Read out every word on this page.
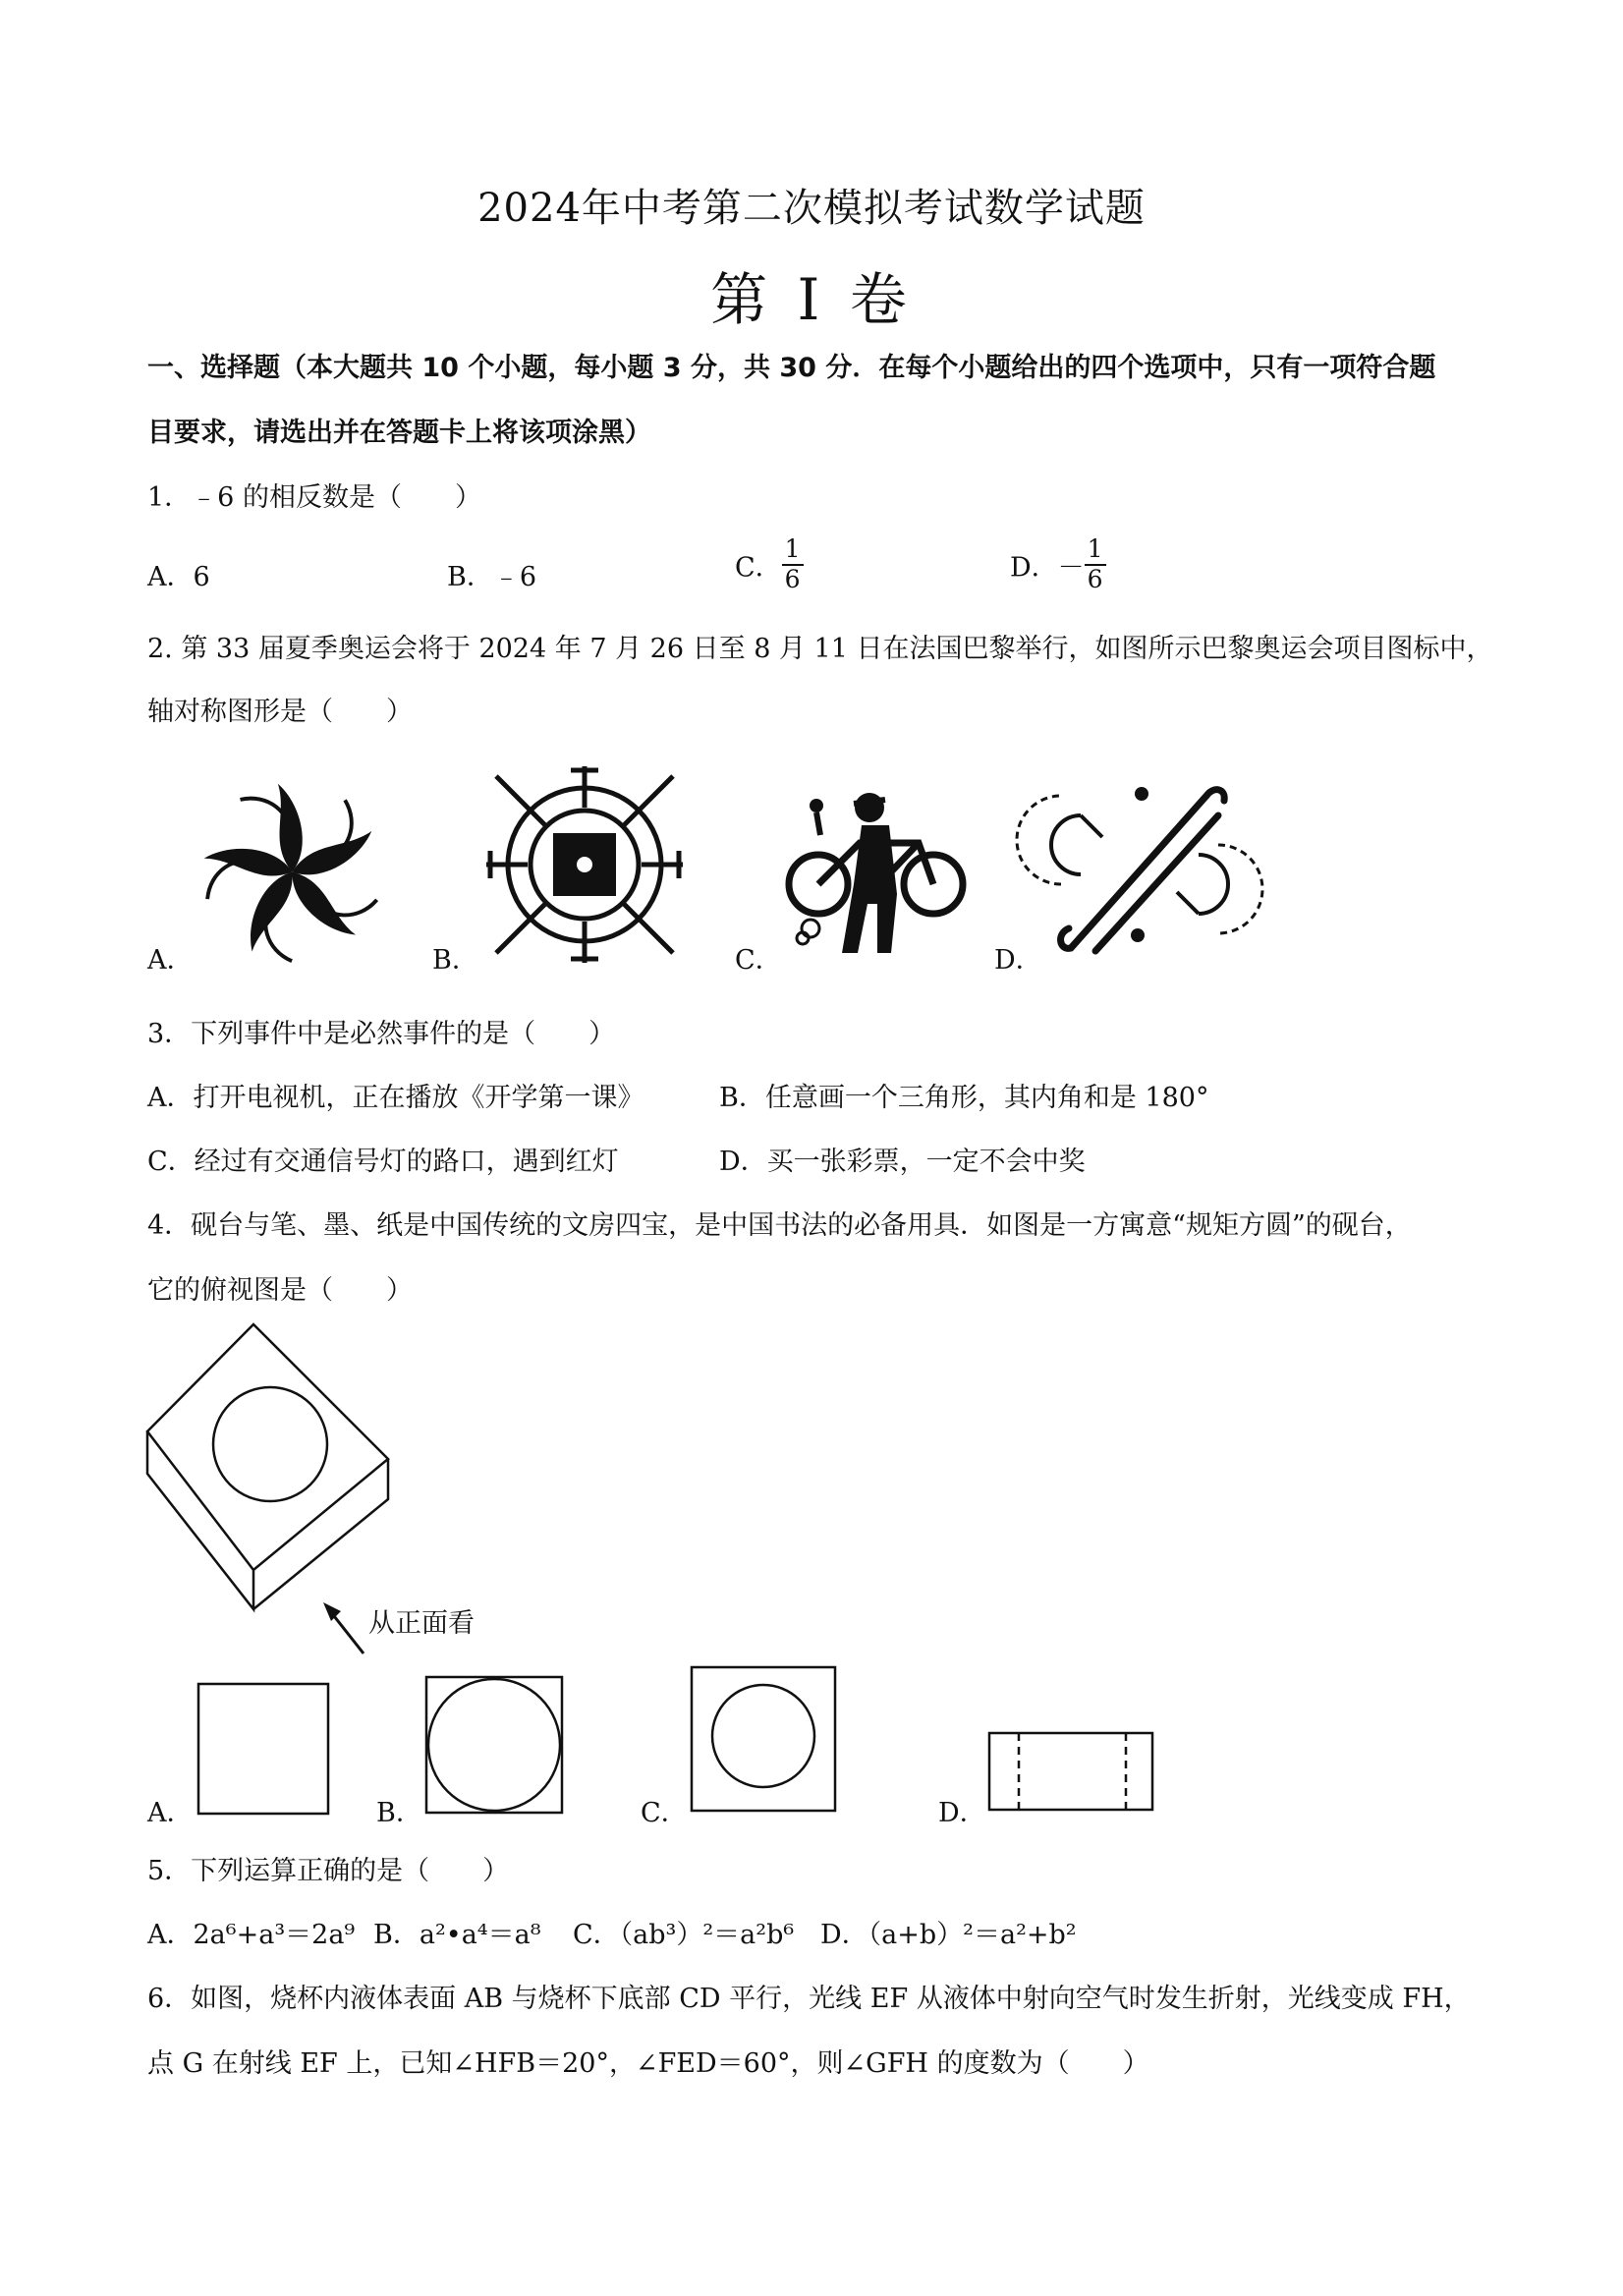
2024年中考第二次模拟考试数学试题
第 I 卷
一、选择题（本大题共 10 个小题，每小题 3 分，共 30 分．在每个小题给出的四个选项中，只有一项符合题
目要求，请选出并在答题卡上将该项涂黑）
1．﹣6 的相反数是（　　）
A．6	B．﹣6	C． $\frac{1}{6}$	D．－ $\frac{1}{6}$
2. 第 33 届夏季奥运会将于 2024 年 7 月 26 日至 8 月 11 日在法国巴黎举行，如图所示巴黎奥运会项目图标中，
轴对称图形是（　　）
A．	B．	C．	D．
3．下列事件中是必然事件的是（　　）
A．打开电视机，正在播放《开学第一课》	B．任意画一个三角形，其内角和是 180°
C．经过有交通信号灯的路口，遇到红灯	D．买一张彩票，一定不会中奖
4．砚台与笔、墨、纸是中国传统的文房四宝，是中国书法的必备用具．如图是一方寓意“规矩方圆”的砚台，
它的俯视图是（　　）
从正面看
A．	B．	C．	D．
5．下列运算正确的是（　　）
A．2a⁶+a³＝2a⁹ B．a²•a⁴＝a⁸ C．（ab³）²＝a²b⁶ D．（a+b）²＝a²+b²
6．如图，烧杯内液体表面 AB 与烧杯下底部 CD 平行，光线 EF 从液体中射向空气时发生折射，光线变成 FH，
点 G 在射线 EF 上，已知∠HFB＝20°，∠FED＝60°，则∠GFH 的度数为（　　）
